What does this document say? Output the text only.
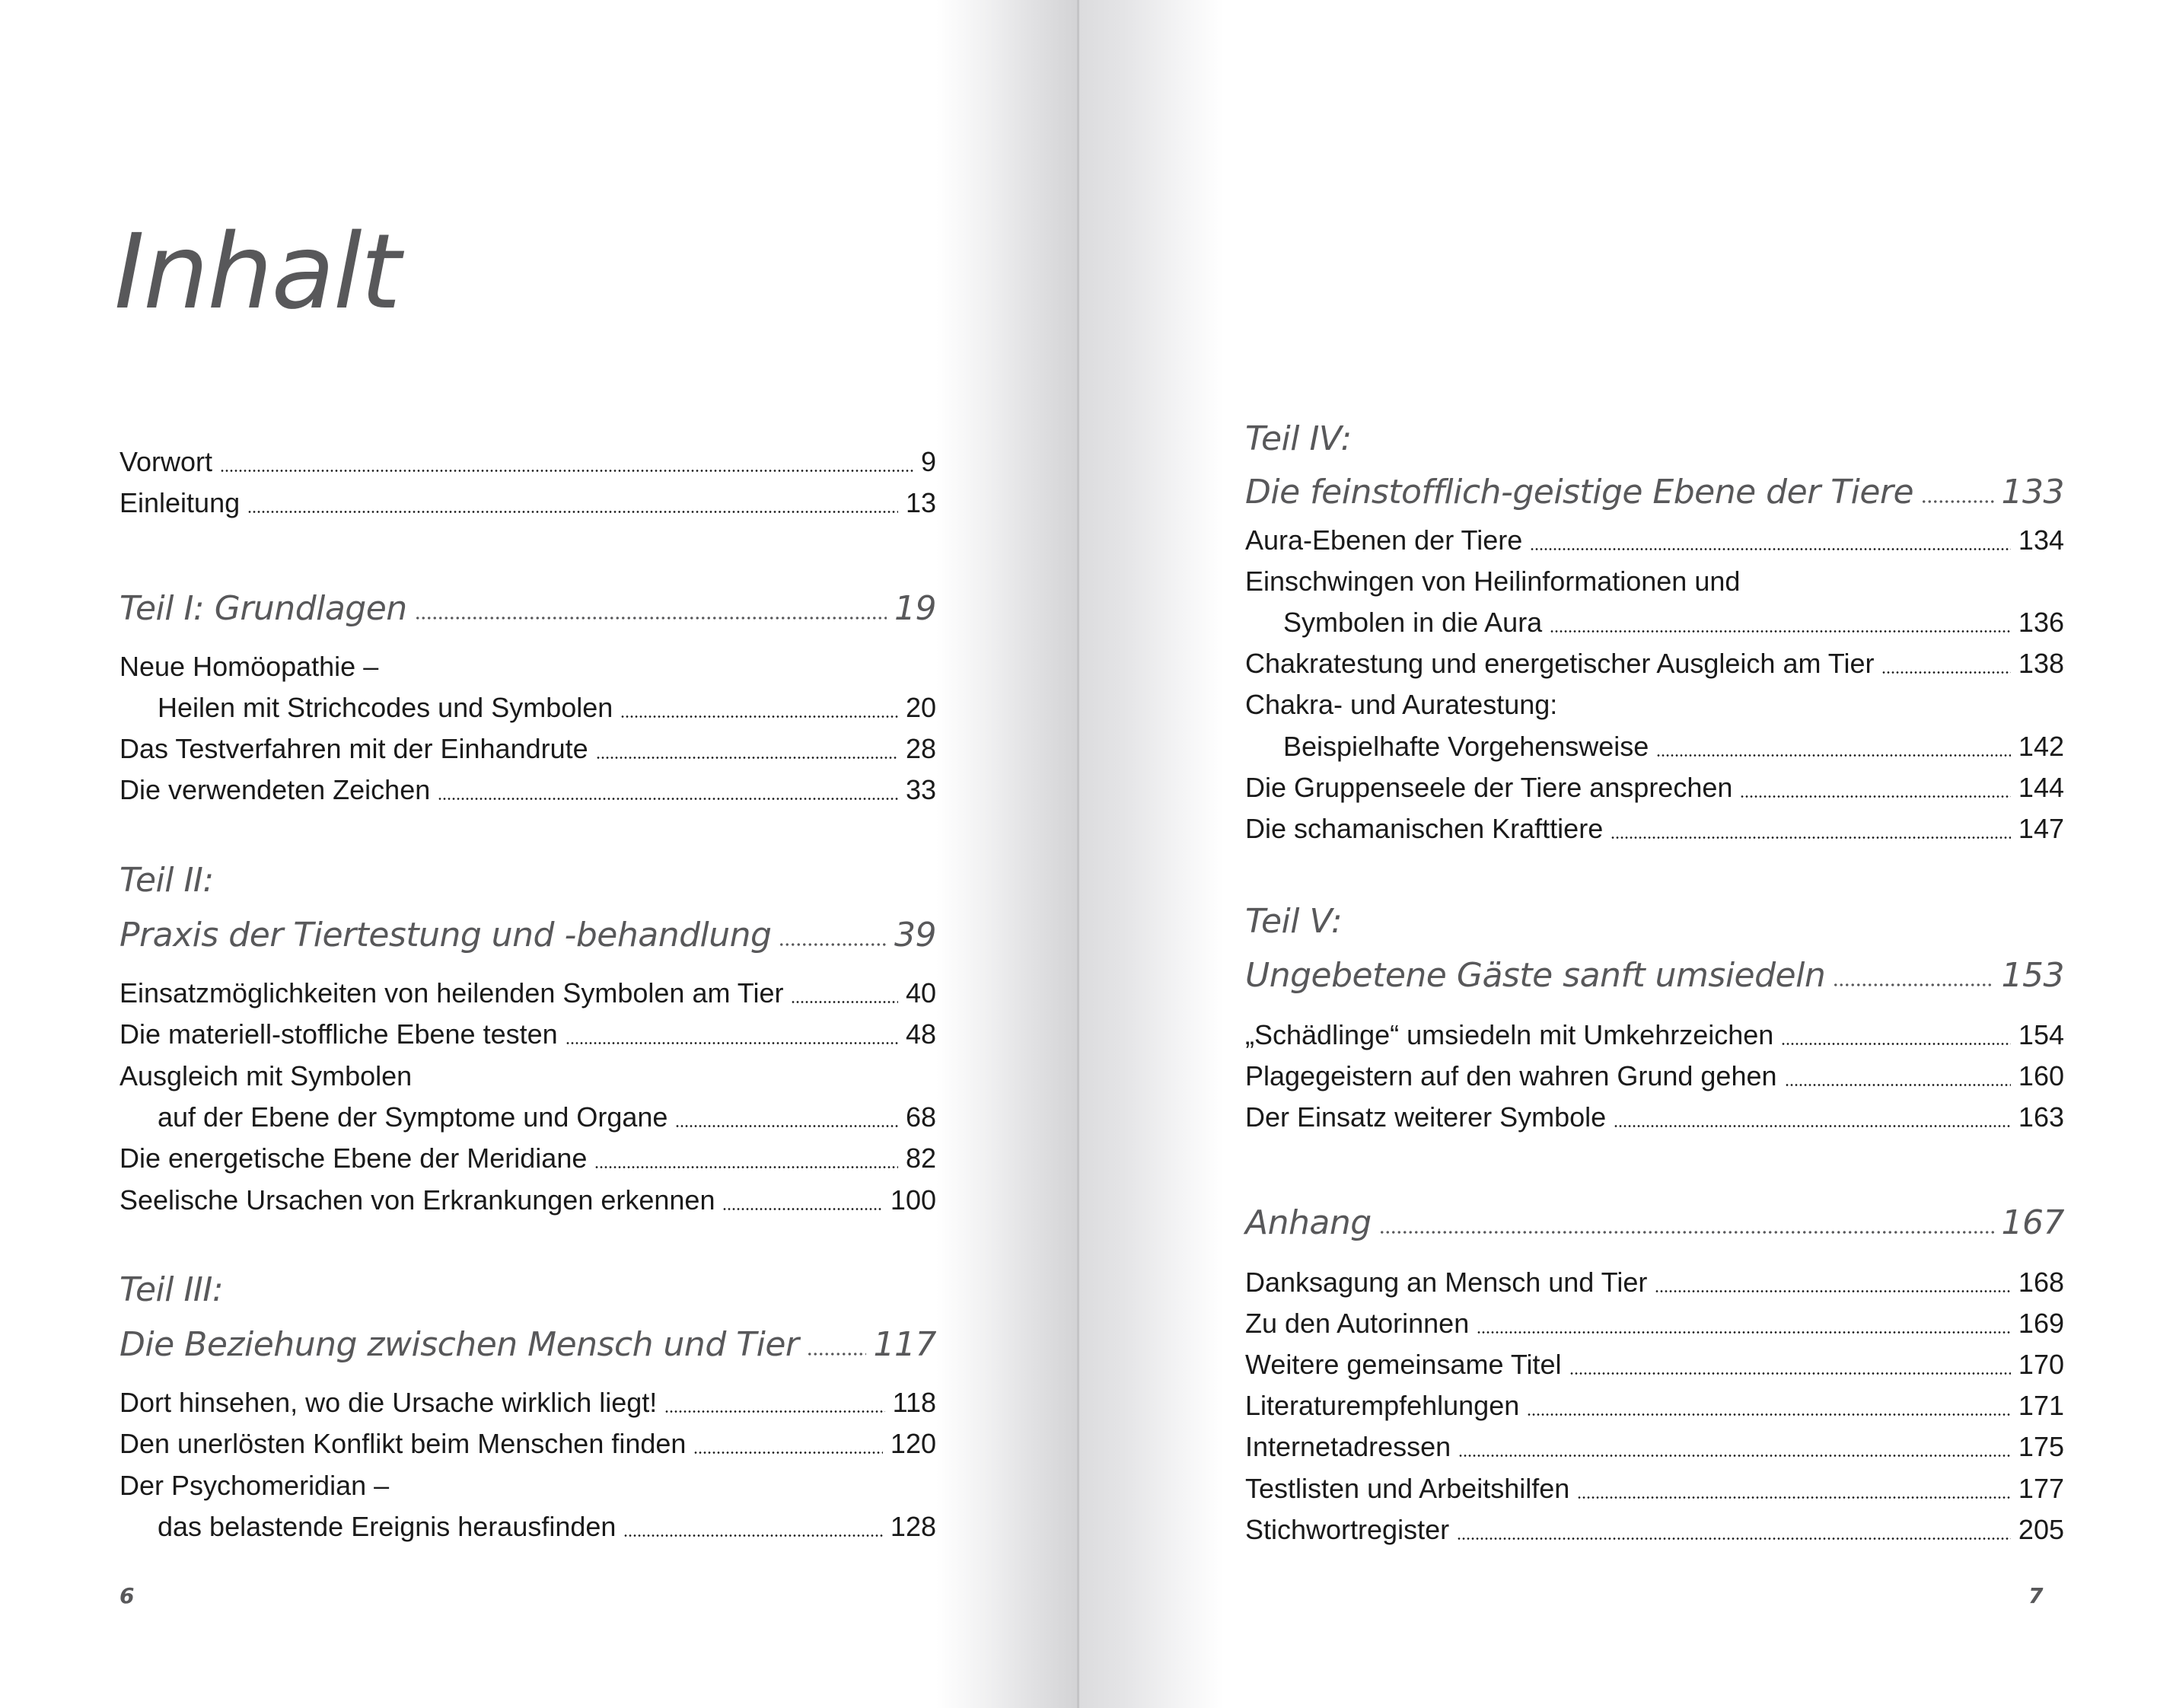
Inhalt
Vorwort	9
Einleitung	13
Teil I: Grundlagen	19
Neue Homöopathie –
Heilen mit Strichcodes und Symbolen	20
Das Testverfahren mit der Einhandrute	28
Die verwendeten Zeichen	33
Teil II:
Praxis der Tiertestung und -behandlung	39
Einsatzmöglichkeiten von heilenden Symbolen am Tier	40
Die materiell-stoffliche Ebene testen	48
Ausgleich mit Symbolen
auf der Ebene der Symptome und Organe	68
Die energetische Ebene der Meridiane	82
Seelische Ursachen von Erkrankungen erkennen	100
Teil III:
Die Beziehung zwischen Mensch und Tier 117
Dort hinsehen, wo die Ursache wirklich liegt!	118
Den unerlösten Konflikt beim Menschen finden	120
Der Psychomeridian –
das belastende Ereignis herausfinden	128
6
Teil IV:
Die feinstofflich-geistige Ebene der Tiere	133
Aura-Ebenen der Tiere	134
Einschwingen von Heilinformationen und
Symbolen in die Aura	136
Chakratestung und energetischer Ausgleich am Tier	138
Chakra- und Auratestung:
Beispielhafte Vorgehensweise	142
Die Gruppenseele der Tiere ansprechen	144
Die schamanischen Krafttiere	147
Teil V:
Ungebetene Gäste sanft umsiedeln	153
„Schädlinge“ umsiedeln mit Umkehrzeichen	154
Plagegeistern auf den wahren Grund gehen	160
Der Einsatz weiterer Symbole	163
Anhang	167
Danksagung an Mensch und Tier	168
Zu den Autorinnen	169
Weitere gemeinsame Titel	170
Literaturempfehlungen	171
Internetadressen	175
Testlisten und Arbeitshilfen	177
Stichwortregister	205
7
